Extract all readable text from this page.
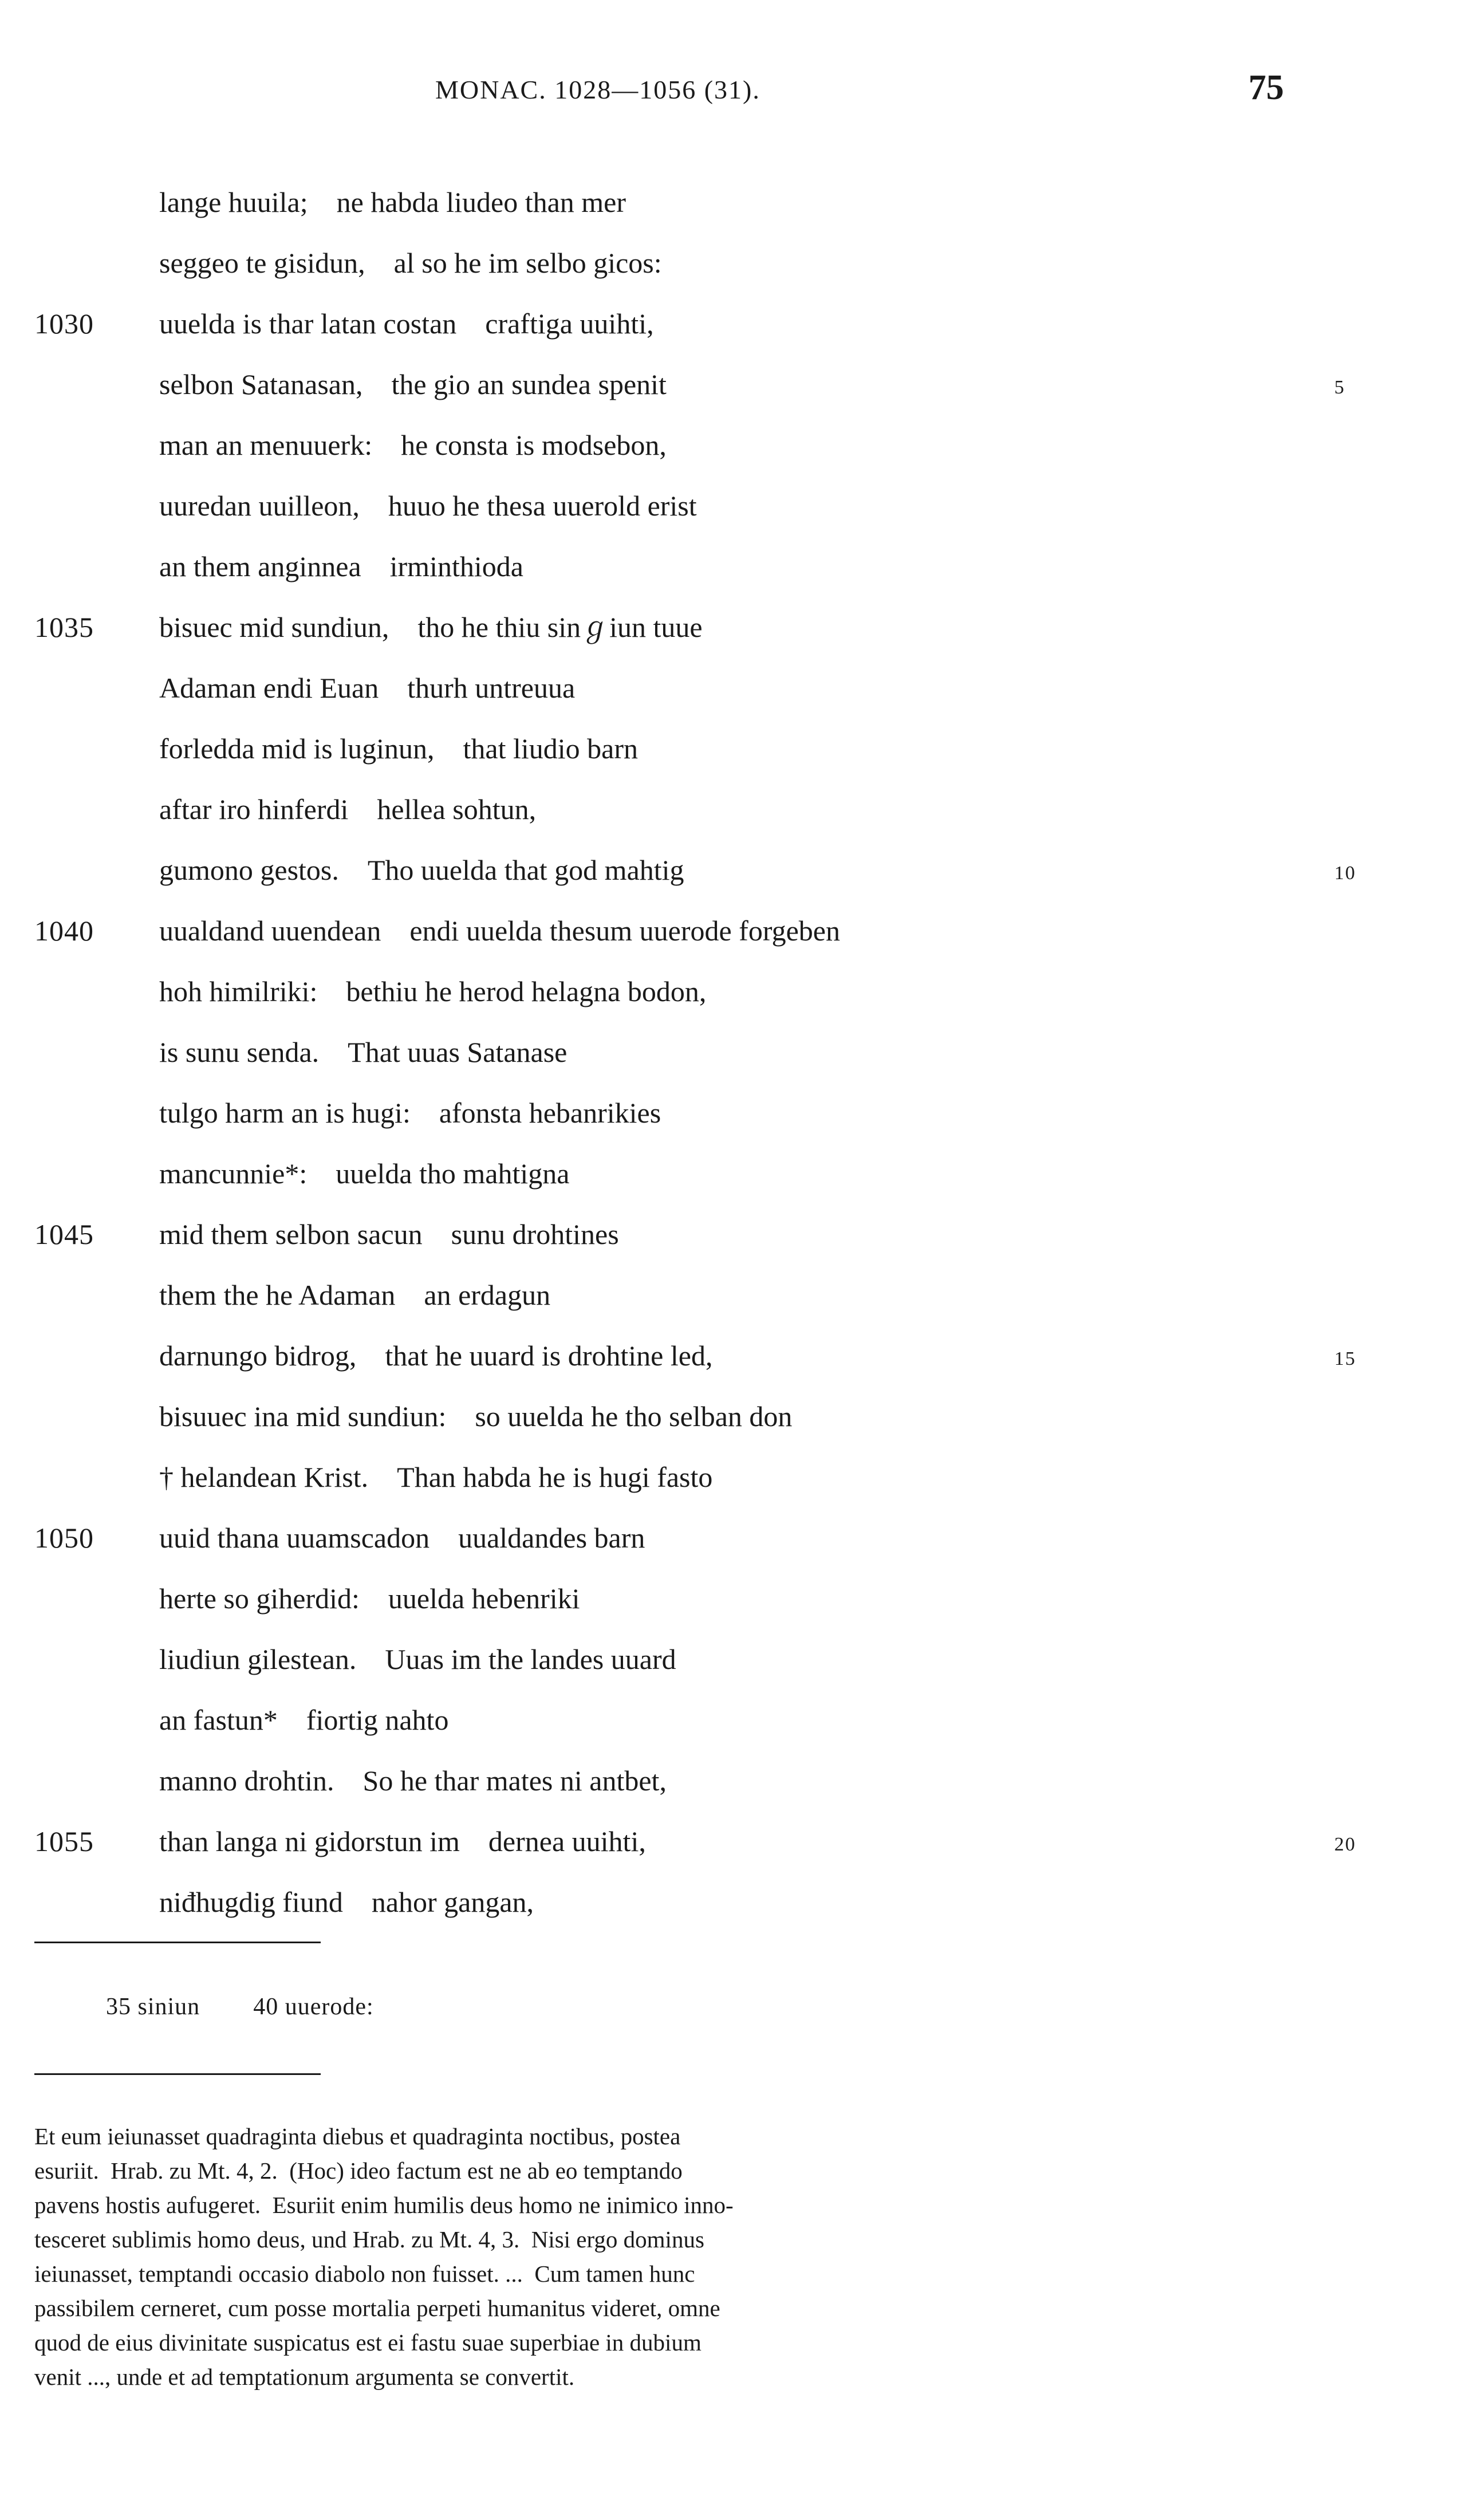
MONAC. 1028—1056 (31).	75
lange huuila; ne habda liudeo than mer
seggeo te gisidun, al so he im selbo gicos:
1030	uuelda is thar latan costan craftiga uuihti,
selbon Satanasan, the gio an sundea spenit	5
man an menuuerk: he consta is modsebon,
uuredan uuilleon, huuo he thesa uuerold erist
an them anginnea irminthioda
1035	bisuec mid sundiun, tho he thiu sinℊiun tuue
Adaman endi Euan thurh untreuua
forledda mid is luginun, that liudio barn
aftar iro hinferdi hellea sohtun,
gumono gestos. Tho uuelda that god mahtig	10
1040	uualdand uuendean endi uuelda thesum uuerode forgeben
hoh himilriki: bethiu he herod helagna bodon,
is sunu senda. That uuas Satanase
tulgo harm an is hugi: afonsta hebanrikies
mancunnie*: uuelda tho mahtigna
1045	mid them selbon sacun sunu drohtines
them the he Adaman an erdagun
darnungo bidrog, that he uuard is drohtine led,	15
bisuuec ina mid sundiun: so uuelda he tho selban don
† helandean Krist. Than habda he is hugi fasto
1050	uuid thana uuamscadon uualdandes barn
herte so giherdid: uuelda hebenriki
liudiun gilestean. Uuas im the landes uuard
an fastun* fiortig nahto
manno drohtin. So he thar mates ni antbet,
1055	than langa ni gidorstun im dernea uuihti,	20
niđhugdig fiund nahor gangan,
35 siniun 40 uuerode:
Et eum ieiunasset quadraginta diebus et quadraginta noctibus, postea
esuriit. Hrab. zu Mt. 4, 2. (Hoc) ideo factum est ne ab eo temptando
pavens hostis aufugeret. Esuriit enim humilis deus homo ne inimico inno-
tesceret sublimis homo deus, und Hrab. zu Mt. 4, 3. Nisi ergo dominus
ieiunasset, temptandi occasio diabolo non fuisset. ... Cum tamen hunc
passibilem cerneret, cum posse mortalia perpeti humanitus videret, omne
quod de eius divinitate suspicatus est ei fastu suae superbiae in dubium
venit ..., unde et ad temptationum argumenta se convertit.
